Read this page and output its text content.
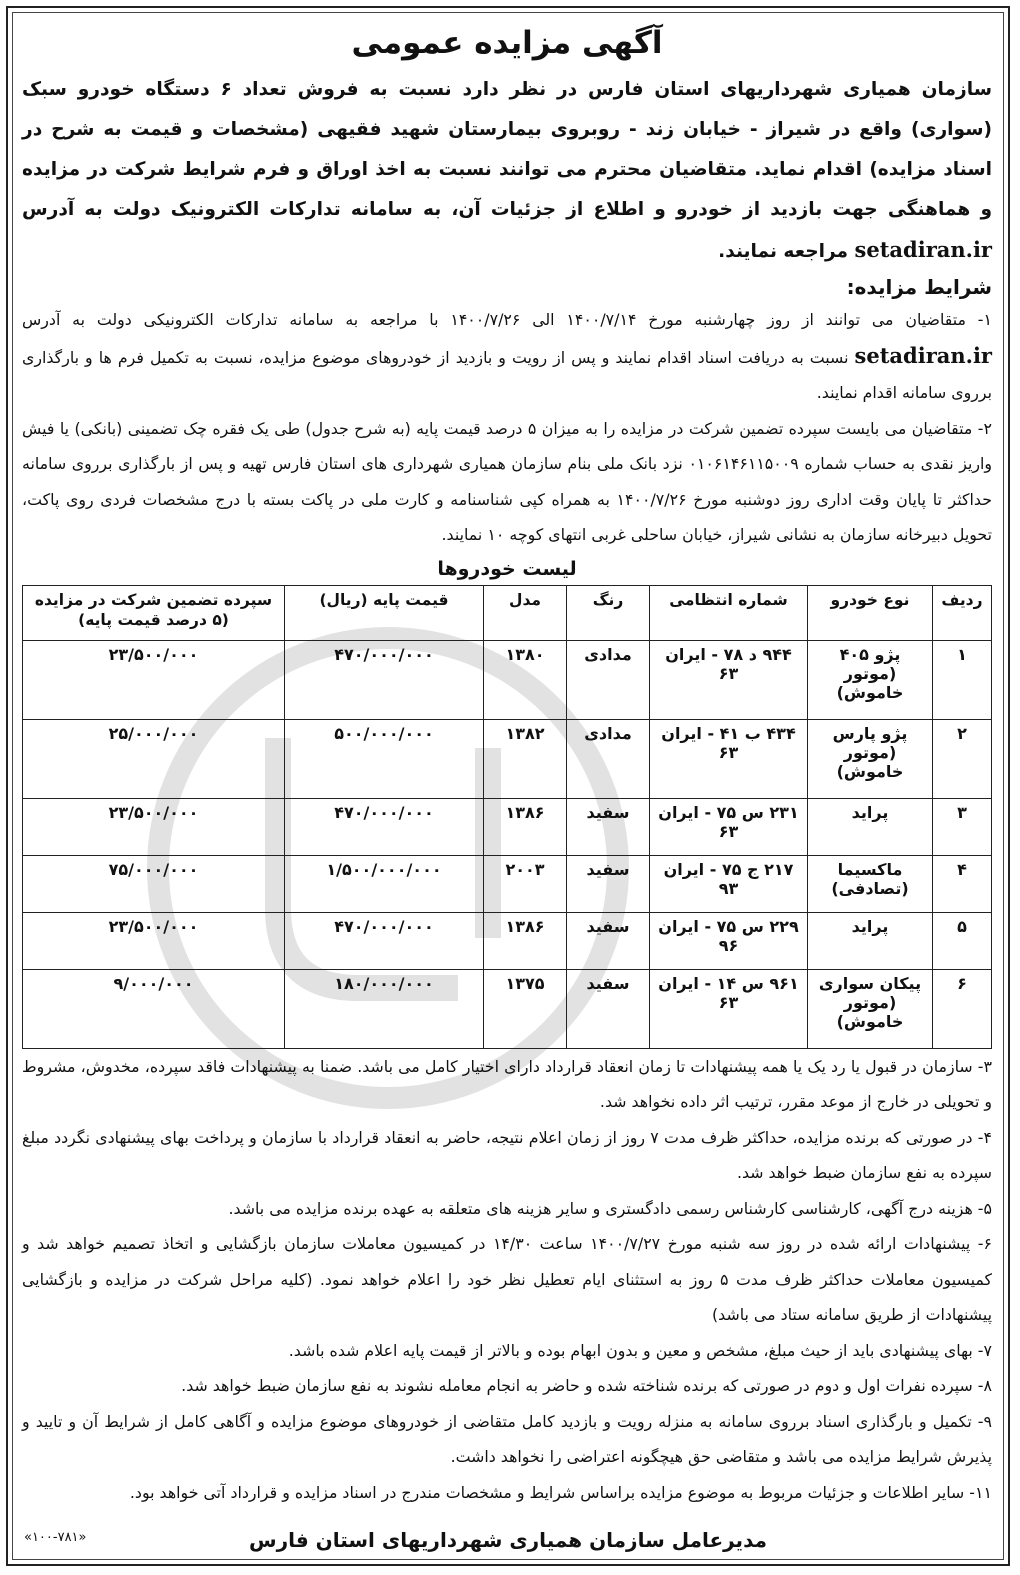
آگهی مزایده عمومی

سازمان همیاری شهرداریهای استان فارس در نظر دارد نسبت به فروش تعداد ۶ دستگاه خودرو سبک (سواری) واقع در شیراز - خیابان زند - روبروی بیمارستان شهید فقیهی (مشخصات و قیمت به شرح در اسناد مزایده) اقدام نماید. متقاضیان محترم می توانند نسبت به اخذ اوراق و فرم شرایط شرکت در مزایده و هماهنگی جهت بازدید از خودرو و اطلاع از جزئیات آن، به سامانه تدارکات الکترونیک دولت به آدرس setadiran.ir مراجعه نمایند.

شرایط مزایده:

۱- متقاضیان می توانند از روز چهارشنبه مورخ ۱۴۰۰/۷/۱۴ الی ۱۴۰۰/۷/۲۶ با مراجعه به سامانه تدارکات الکترونیکی دولت به آدرس setadiran.ir نسبت به دریافت اسناد اقدام نمایند و پس از رویت و بازدید از خودروهای موضوع مزایده، نسبت به تکمیل فرم ها و بارگذاری برروی سامانه اقدام نمایند.

۲- متقاضیان می بایست سپرده تضمین شرکت در مزایده را به میزان ۵ درصد قیمت پایه (به شرح جدول) طی یک فقره چک تضمینی (بانکی) یا فیش واریز نقدی به حساب شماره ۰۱۰۶۱۴۶۱۱۵۰۰۹ نزد بانک ملی بنام سازمان همیاری شهرداری های استان فارس تهیه و پس از بارگذاری برروی سامانه حداکثر تا پایان وقت اداری روز دوشنبه مورخ ۱۴۰۰/۷/۲۶ به همراه کپی شناسنامه و کارت ملی در پاکت بسته با درج مشخصات فردی روی پاکت، تحویل دبیرخانه سازمان به نشانی شیراز، خیابان ساحلی غربی انتهای کوچه ۱۰ نمایند.

لیست خودروها

ردیف	نوع خودرو	شماره انتظامی	رنگ	مدل	قیمت پایه (ریال)	سپرده تضمین شرکت در مزایده (۵ درصد قیمت پایه)
۱	پژو ۴۰۵ (موتور خاموش)	۹۴۴ د ۷۸ - ایران ۶۳	مدادی	۱۳۸۰	۴۷۰/۰۰۰/۰۰۰	۲۳/۵۰۰/۰۰۰
۲	پژو پارس (موتور خاموش)	۴۳۴ ب ۴۱ - ایران ۶۳	مدادی	۱۳۸۲	۵۰۰/۰۰۰/۰۰۰	۲۵/۰۰۰/۰۰۰
۳	پراید	۲۳۱ س ۷۵ - ایران ۶۳	سفید	۱۳۸۶	۴۷۰/۰۰۰/۰۰۰	۲۳/۵۰۰/۰۰۰
۴	ماکسیما (تصادفی)	۲۱۷ ج ۷۵ - ایران ۹۳	سفید	۲۰۰۳	۱/۵۰۰/۰۰۰/۰۰۰	۷۵/۰۰۰/۰۰۰
۵	پراید	۲۲۹ س ۷۵ - ایران ۹۶	سفید	۱۳۸۶	۴۷۰/۰۰۰/۰۰۰	۲۳/۵۰۰/۰۰۰
۶	پیکان سواری (موتور خاموش)	۹۶۱ س ۱۴ - ایران ۶۳	سفید	۱۳۷۵	۱۸۰/۰۰۰/۰۰۰	۹/۰۰۰/۰۰۰

۳- سازمان در قبول یا رد یک یا همه پیشنهادات تا زمان انعقاد قرارداد دارای اختیار کامل می باشد. ضمنا به پیشنهادات فاقد سپرده، مخدوش، مشروط و تحویلی در خارج از موعد مقرر، ترتیب اثر داده نخواهد شد.

۴- در صورتی که برنده مزایده، حداکثر ظرف مدت ۷ روز از زمان اعلام نتیجه، حاضر به انعقاد قرارداد با سازمان و پرداخت بهای پیشنهادی نگردد مبلغ سپرده به نفع سازمان ضبط خواهد شد.

۵- هزینه درج آگهی، کارشناسی کارشناس رسمی دادگستری و سایر هزینه های متعلقه به عهده برنده مزایده می باشد.

۶- پیشنهادات ارائه شده در روز سه شنبه مورخ ۱۴۰۰/۷/۲۷ ساعت ۱۴/۳۰ در کمیسیون معاملات سازمان بازگشایی و اتخاذ تصمیم خواهد شد و کمیسیون معاملات حداکثر ظرف مدت ۵ روز به استثنای ایام تعطیل نظر خود را اعلام خواهد نمود. (کلیه مراحل شرکت در مزایده و بازگشایی پیشنهادات از طریق سامانه ستاد می باشد)

۷- بهای پیشنهادی باید از حیث مبلغ، مشخص و معین و بدون ابهام بوده و بالاتر از قیمت پایه اعلام شده باشد.

۸- سپرده نفرات اول و دوم در صورتی که برنده شناخته شده و حاضر به انجام معامله نشوند به نفع سازمان ضبط خواهد شد.

۹- تکمیل و بارگذاری اسناد برروی سامانه به منزله رویت و بازدید کامل متقاضی از خودروهای موضوع مزایده و آگاهی کامل از شرایط آن و تایید و پذیرش شرایط مزایده می باشد و متقاضی حق هیچگونه اعتراضی را نخواهد داشت.

۱۱- سایر اطلاعات و جزئیات مربوط به موضوع مزایده براساس شرایط و مشخصات مندرج در اسناد مزایده و قرارداد آتی خواهد بود.

مدیرعامل سازمان همیاری شهرداریهای استان فارس
«۱۰۰-۷۸۱»
